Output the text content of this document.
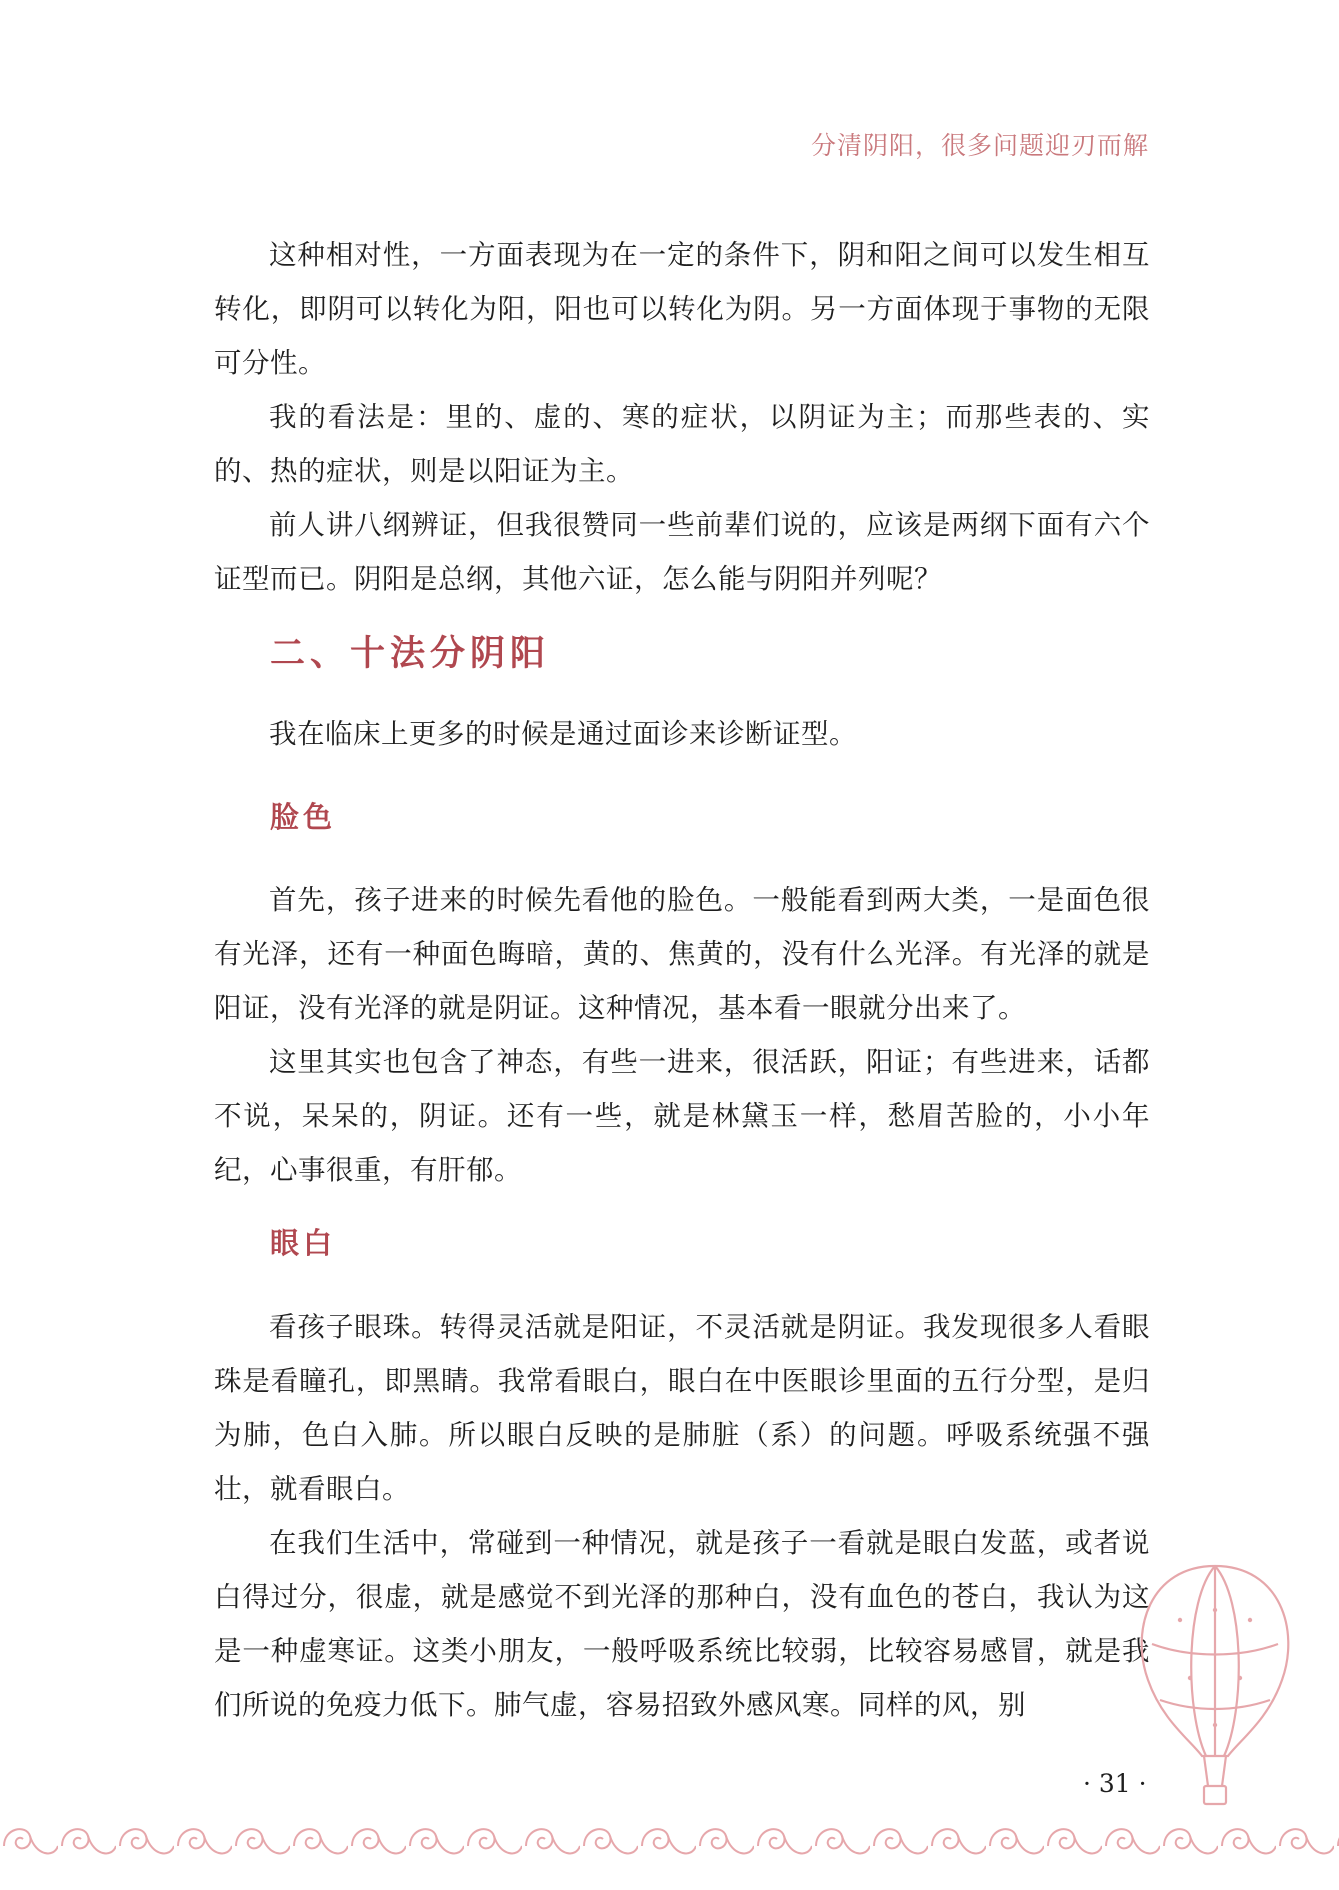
分清阴阳，很多问题迎刃而解

这种相对性，一方面表现为在一定的条件下，阴和阳之间可以发生相互转化，即阴可以转化为阳，阳也可以转化为阴。另一方面体现于事物的无限可分性。

我的看法是：里的、虚的、寒的症状，以阴证为主；而那些表的、实的、热的症状，则是以阳证为主。

前人讲八纲辨证，但我很赞同一些前辈们说的，应该是两纲下面有六个证型而已。阴阳是总纲，其他六证，怎么能与阴阳并列呢？

二、十法分阴阳

我在临床上更多的时候是通过面诊来诊断证型。

脸色

首先，孩子进来的时候先看他的脸色。一般能看到两大类，一是面色很有光泽，还有一种面色晦暗，黄的、焦黄的，没有什么光泽。有光泽的就是阳证，没有光泽的就是阴证。这种情况，基本看一眼就分出来了。

这里其实也包含了神态，有些一进来，很活跃，阳证；有些进来，话都不说，呆呆的，阴证。还有一些，就是林黛玉一样，愁眉苦脸的，小小年纪，心事很重，有肝郁。

眼白

看孩子眼珠。转得灵活就是阳证，不灵活就是阴证。我发现很多人看眼珠是看瞳孔，即黑睛。我常看眼白，眼白在中医眼诊里面的五行分型，是归为肺，色白入肺。所以眼白反映的是肺脏（系）的问题。呼吸系统强不强壮，就看眼白。

在我们生活中，常碰到一种情况，就是孩子一看就是眼白发蓝，或者说白得过分，很虚，就是感觉不到光泽的那种白，没有血色的苍白，我认为这是一种虚寒证。这类小朋友，一般呼吸系统比较弱，比较容易感冒，就是我们所说的免疫力低下。肺气虚，容易招致外感风寒。同样的风，别

· 31 ·
